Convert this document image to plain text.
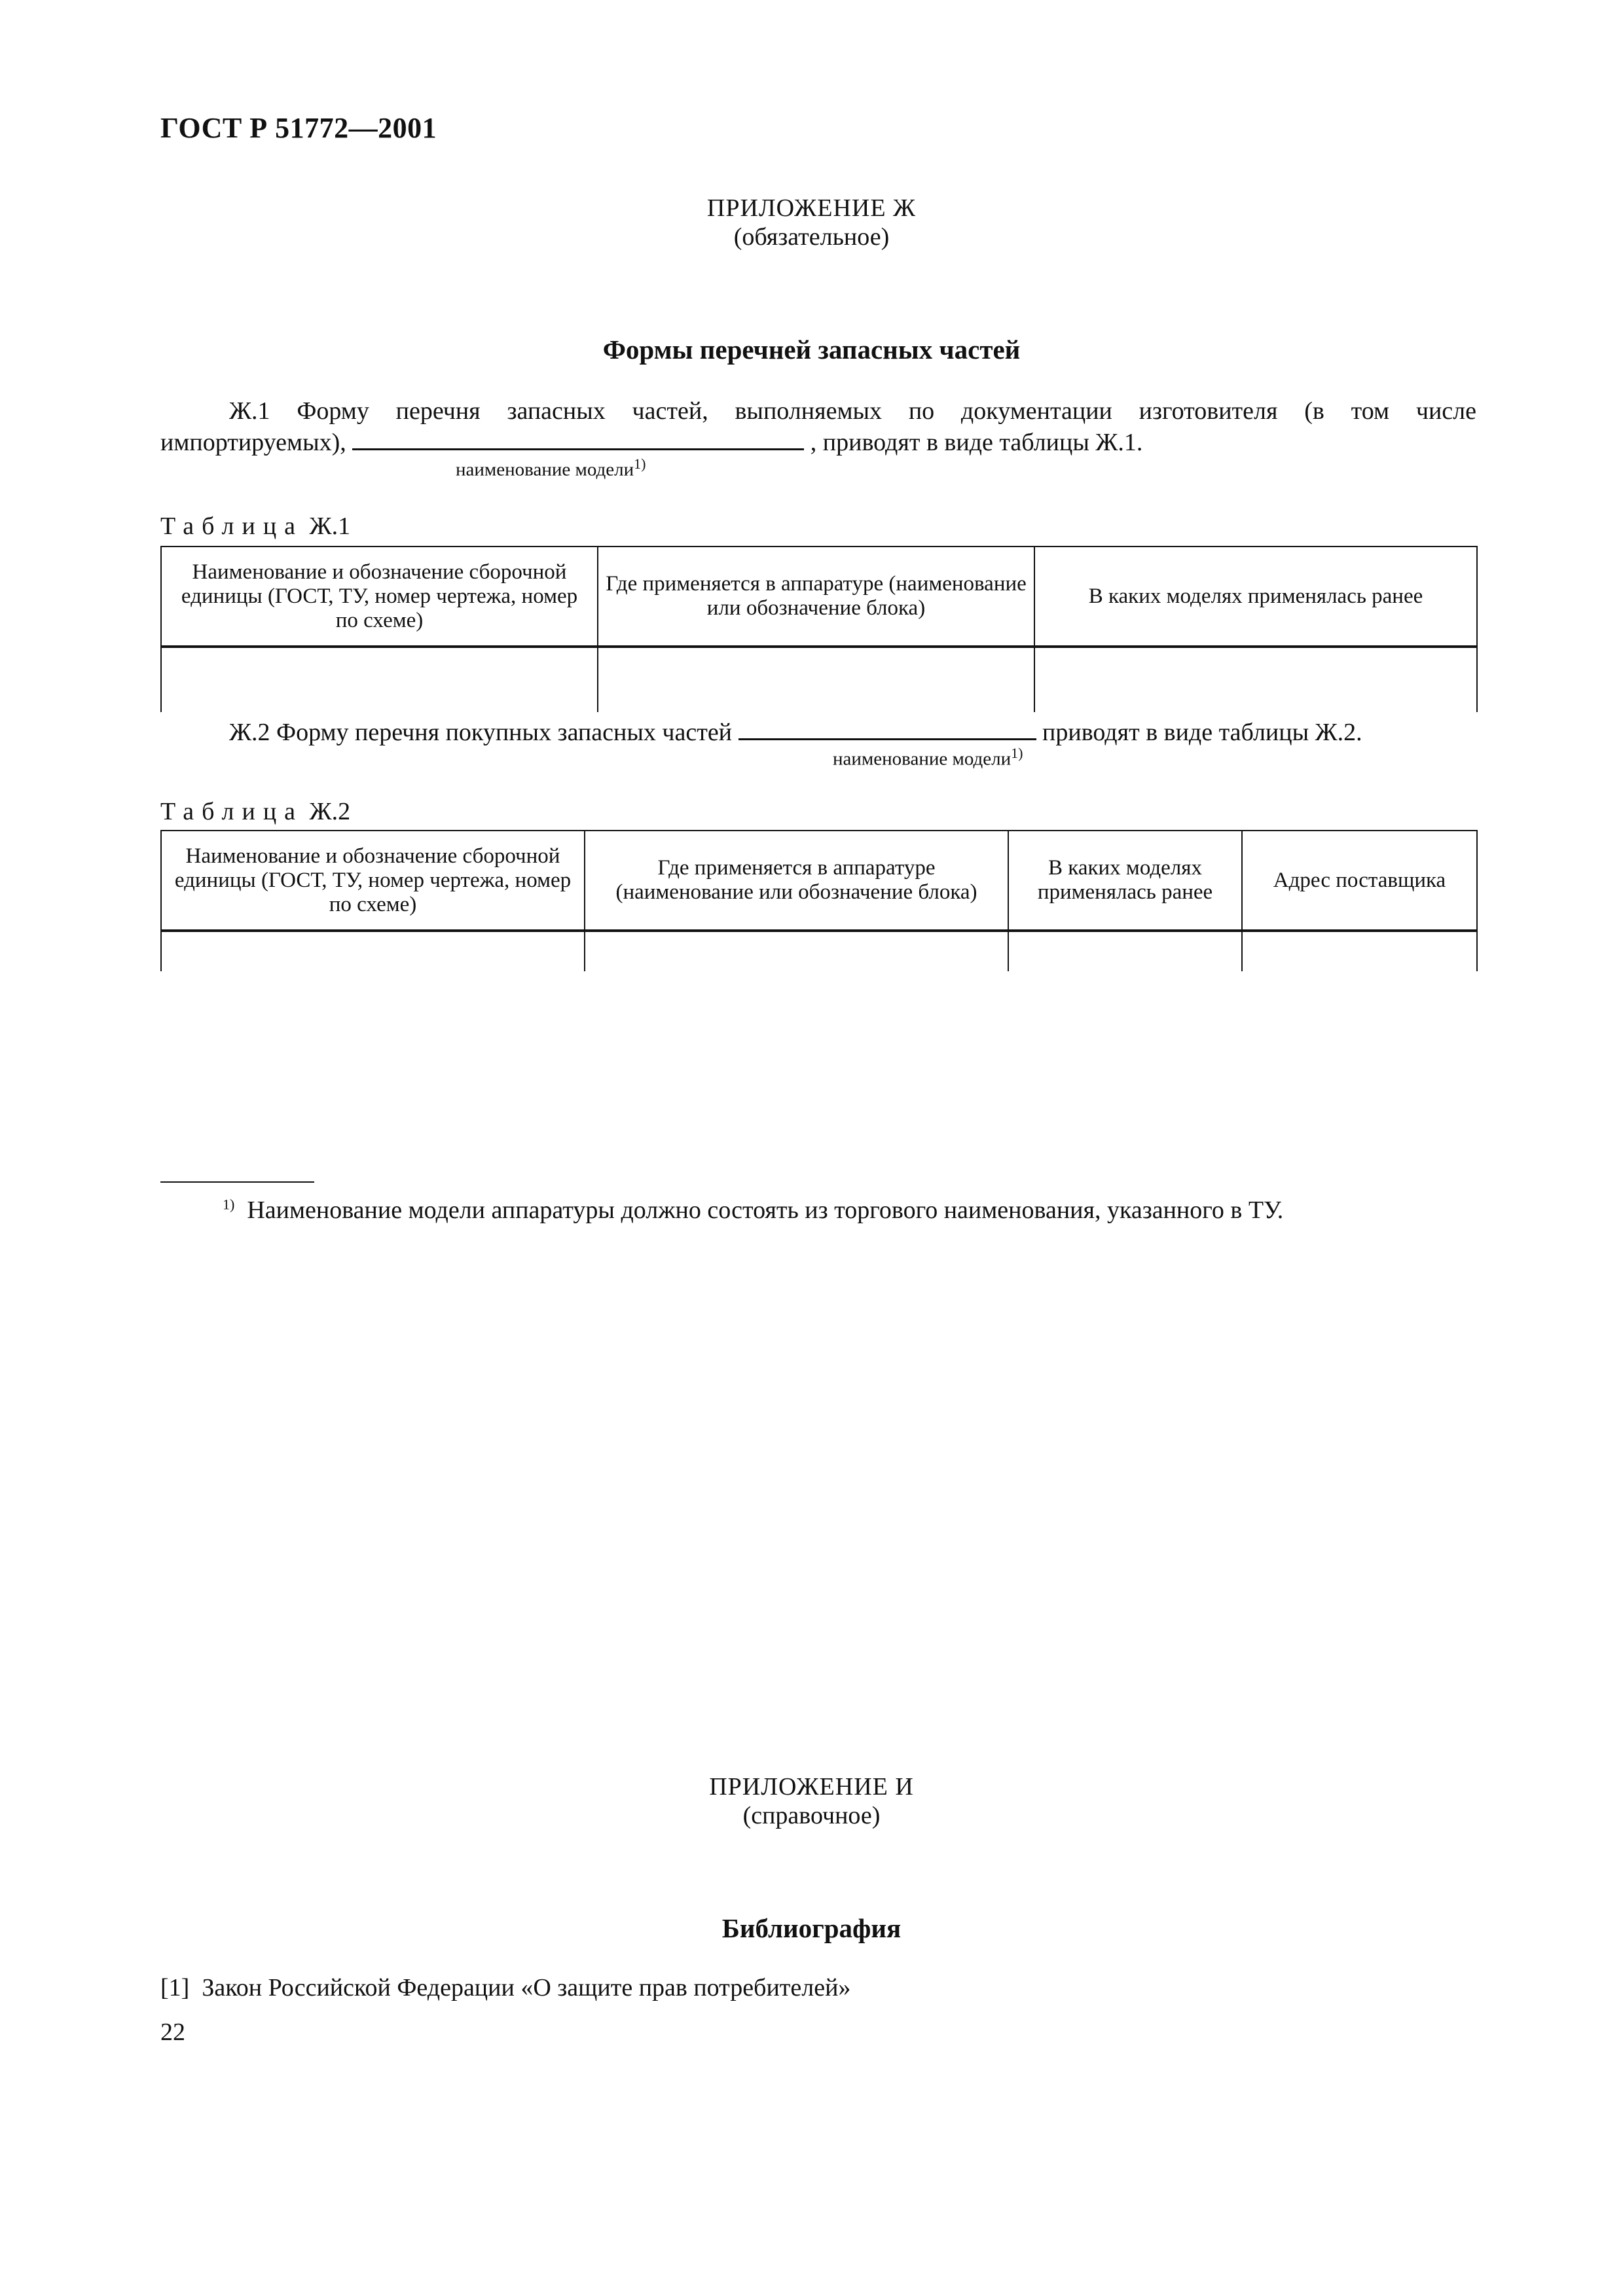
ГОСТ Р 51772—2001
ПРИЛОЖЕНИЕ Ж
(обязательное)
Формы перечней запасных частей
Ж.1 Форму перечня запасных частей, выполняемых по документации изготовителя (в том числе
импортируемых),	, приводят в виде таблицы Ж.1.
наименование модели$^{1)}$
Таблица Ж.1
Наименование и обозначение сборочной единицы (ГОСТ, ТУ, номер чертежа, номер по схеме)	Где применяется в аппаратуре (наименование или обозначение блока)	В каких моделях применялась ранее

Ж.2 Форму перечня покупных запасных частей	приводят в виде таблицы Ж.2.
наименование модели$^{1)}$
Таблица Ж.2
Наименование и обозначение сборочной единицы (ГОСТ, ТУ, номер чертежа, номер по схеме)	Где применяется в аппаратуре (наименование или обозначение блока)	В каких моделях применялась ранее	Адрес поставщика

$^{1)}$ Наименование модели аппаратуры должно состоять из торгового наименования, указанного в ТУ.
ПРИЛОЖЕНИЕ И
(справочное)
Библиография
[1] Закон Российской Федерации «О защите прав потребителей»
22
